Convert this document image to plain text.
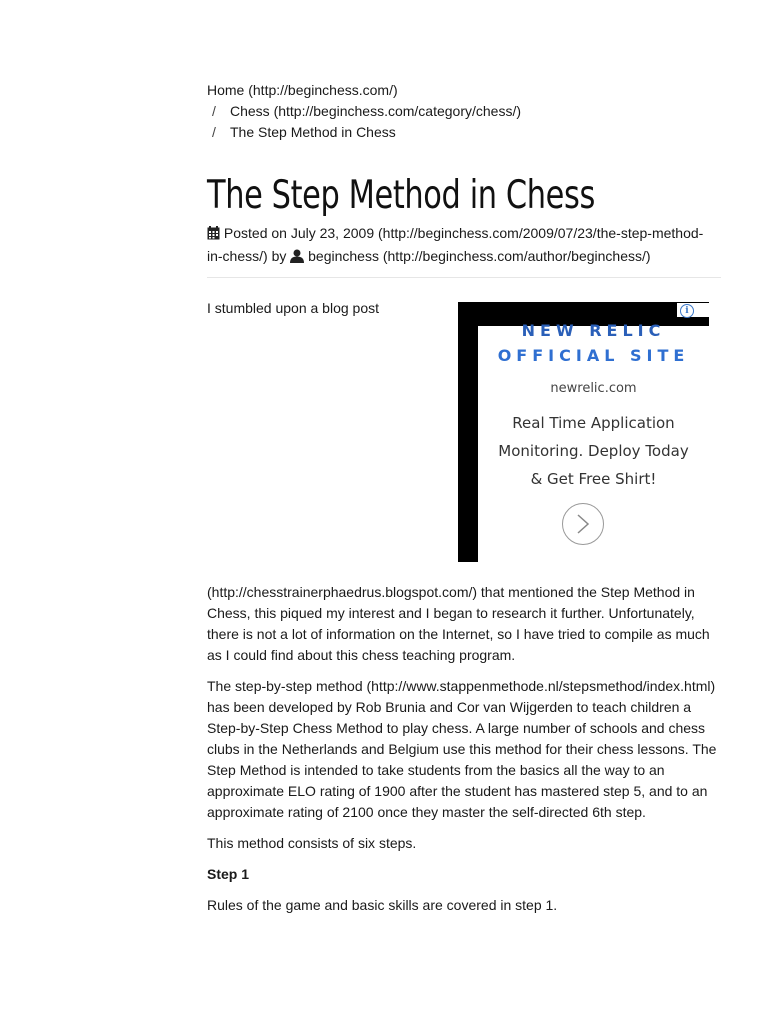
Home (http://beginchess.com/)
/ Chess (http://beginchess.com/category/chess/)
/ The Step Method in Chess
The Step Method in Chess
Posted on July 23, 2009 (http://beginchess.com/2009/07/23/the-step-method-
in-chess/) by beginchess (http://beginchess.com/author/beginchess/)

I stumbled upon a blog post	i
NEW RELIC
OFFICIAL SITE
newrelic.com
Real Time Application
Monitoring. Deploy Today
& Get Free Shirt!

(http://chesstrainerphaedrus.blogspot.com/) that mentioned the Step Method in Chess, this piqued my interest and I began to research it further. Unfortunately, there is not a lot of information on the Internet, so I have tried to compile as much as I could find about this chess teaching program.

The step-by-step method (http://www.stappenmethode.nl/stepsmethod/index.html) has been developed by Rob Brunia and Cor van Wijgerden to teach children a Step-by-Step Chess Method to play chess. A large number of schools and chess clubs in the Netherlands and Belgium use this method for their chess lessons. The Step Method is intended to take students from the basics all the way to an approximate ELO rating of 1900 after the student has mastered step 5, and to an approximate rating of 2100 once they master the self-directed 6th step.

This method consists of six steps.

Step 1

Rules of the game and basic skills are covered in step 1.
